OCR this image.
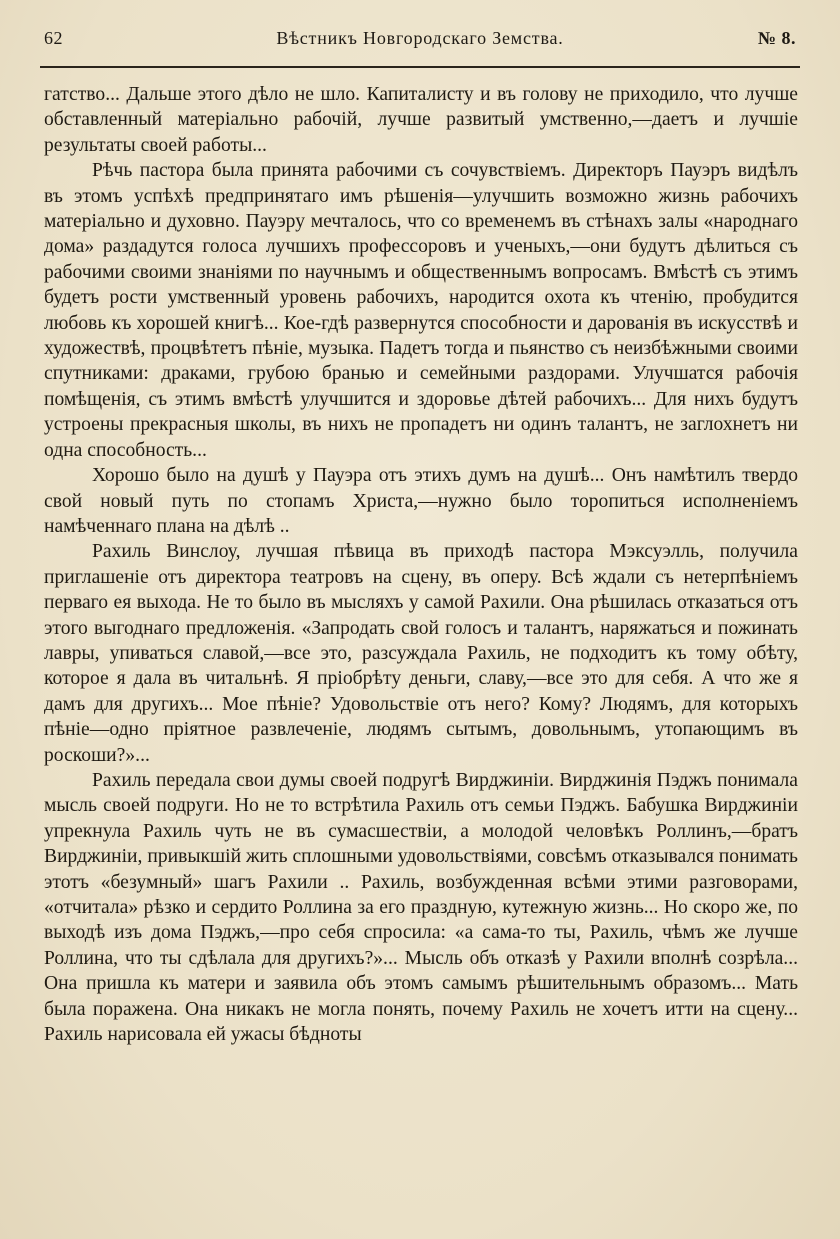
62	Вѣстникъ Новгородскаго Земства.	№ 8.

гатство... Дальше этого дѣло не шло. Капиталисту и въ голову не приходило, что лучше обставленный матеріально рабочій, лучше развитый умственно,—даетъ и лучшіе результаты своей работы...

Рѣчь пастора была принята рабочими съ сочувствіемъ. Директоръ Пауэръ видѣлъ въ этомъ успѣхѣ предпринятаго имъ рѣшенія—улучшить возможно жизнь рабочихъ матеріально и духовно. Пауэру мечталось, что со временемъ въ стѣнахъ залы «народнаго дома» раздадутся голоса лучшихъ профессоровъ и ученыхъ,—они будутъ дѣлиться съ рабочими своими знаніями по научнымъ и общественнымъ вопросамъ. Вмѣстѣ съ этимъ будетъ рости умственный уровень рабочихъ, народится охота къ чтенію, пробудится любовь къ хорошей книгѣ... Кое-гдѣ развернутся способности и дарованія въ искусствѣ и художествѣ, процвѣтетъ пѣніе, музыка. Падетъ тогда и пьянство съ неизбѣжными своими спутниками: драками, грубою бранью и семейными раздорами. Улучшатся рабочія помѣщенія, съ этимъ вмѣстѣ улучшится и здоровье дѣтей рабочихъ... Для нихъ будутъ устроены прекрасныя школы, въ нихъ не пропадетъ ни одинъ талантъ, не заглохнетъ ни одна способность...

Хорошо было на душѣ у Пауэра отъ этихъ думъ на душѣ... Онъ намѣтилъ твердо свой новый путь по стопамъ Христа,—нужно было торопиться исполненіемъ намѣченнаго плана на дѣлѣ ..

Рахиль Винслоу, лучшая пѣвица въ приходѣ пастора Мэксуэлль, получила приглашеніе отъ директора театровъ на сцену, въ оперу. Всѣ ждали съ нетерпѣніемъ перваго ея выхода. Не то было въ мысляхъ у самой Рахили. Она рѣшилась отказаться отъ этого выгоднаго предложенія. «Запродать свой голосъ и талантъ, наряжаться и пожинать лавры, упиваться славой,—все это, разсуждала Рахиль, не подходитъ къ тому обѣту, которое я дала въ читальнѣ. Я пріобрѣту деньги, славу,—все это для себя. А что же я дамъ для другихъ... Мое пѣніе? Удовольствіе отъ него? Кому? Людямъ, для которыхъ пѣніе—одно пріятное развлеченіе, людямъ сытымъ, довольнымъ, утопающимъ въ роскоши?»...

Рахиль передала свои думы своей подругѣ Вирджиніи. Вирджинія Пэджъ понимала мысль своей подруги. Но не то встрѣтила Рахиль отъ семьи Пэджъ. Бабушка Вирджиніи упрекнула Рахиль чуть не въ сумасшествіи, а молодой человѣкъ Роллинъ,—братъ Вирджиніи, привыкшій жить сплошными удовольствіями, совсѣмъ отказывался понимать этотъ «безумный» шагъ Рахили .. Рахиль, возбужденная всѣми этими разговорами, «отчитала» рѣзко и сердито Роллина за его праздную, кутежную жизнь... Но скоро же, по выходѣ изъ дома Пэджъ,—про себя спросила: «а сама-то ты, Рахиль, чѣмъ же лучше Роллина, что ты сдѣлала для другихъ?»... Мысль объ отказѣ у Рахили вполнѣ созрѣла... Она пришла къ матери и заявила объ этомъ самымъ рѣшительнымъ образомъ... Мать была поражена. Она никакъ не могла понять, почему Рахиль не хочетъ итти на сцену... Рахиль нарисовала ей ужасы бѣдноты
